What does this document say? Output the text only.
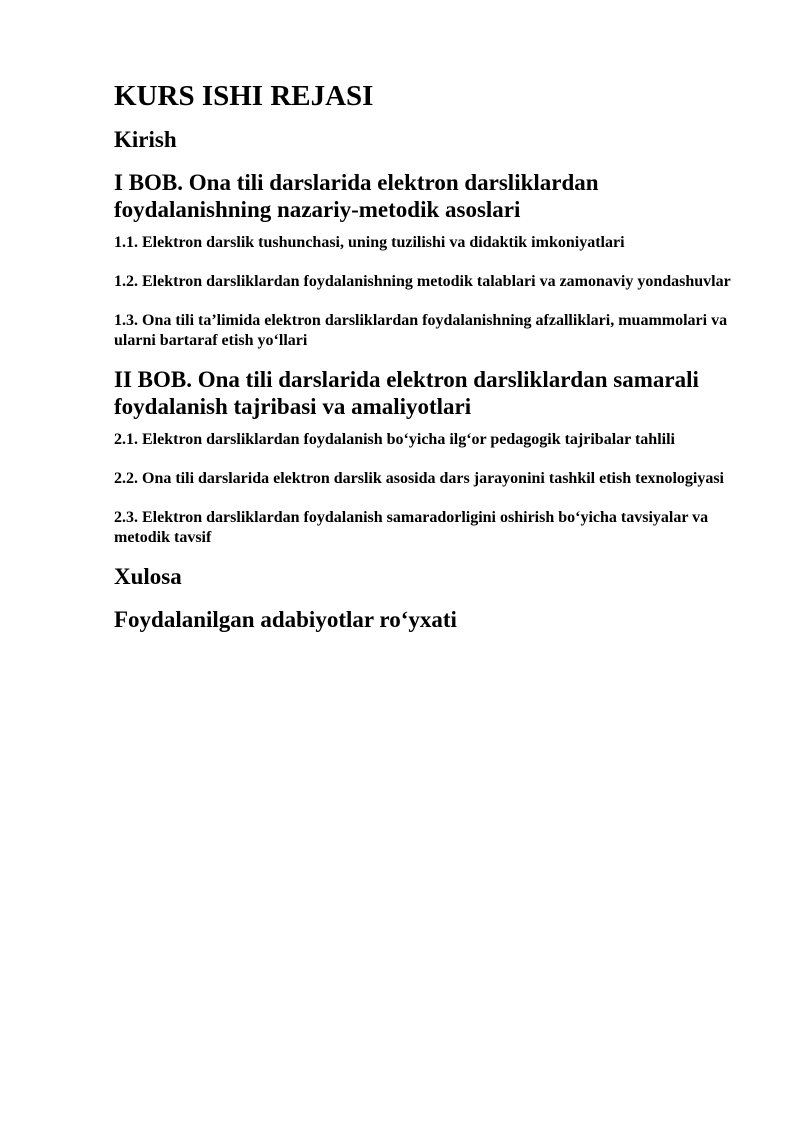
KURS ISHI REJASI
Kirish
I BOB. Ona tili darslarida elektron darsliklardan foydalanishning nazariy-metodik asoslari
1.1. Elektron darslik tushunchasi, uning tuzilishi va didaktik imkoniyatlari
1.2. Elektron darsliklardan foydalanishning metodik talablari va zamonaviy yondashuvlar
1.3. Ona tili ta’limida elektron darsliklardan foydalanishning afzalliklari, muammolari va ularni bartaraf etish yo‘llari
II BOB. Ona tili darslarida elektron darsliklardan samarali foydalanish tajribasi va amaliyotlari
2.1. Elektron darsliklardan foydalanish bo‘yicha ilg‘or pedagogik tajribalar tahlili
2.2. Ona tili darslarida elektron darslik asosida dars jarayonini tashkil etish texnologiyasi
2.3. Elektron darsliklardan foydalanish samaradorligini oshirish bo‘yicha tavsiyalar va metodik tavsif
Xulosa
Foydalanilgan adabiyotlar ro‘yxati
